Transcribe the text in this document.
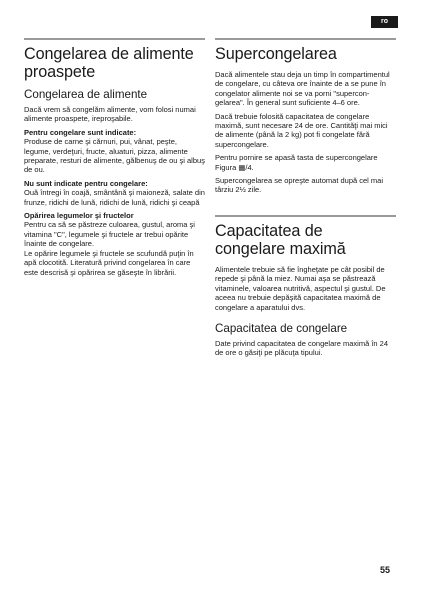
ro
Congelarea de alimente proaspete
Congelarea de alimente

Dacă vrem să congelăm alimente, vom folosi numai alimente proaspete, ireproşabile.

Pentru congelare sunt indicate:

Produse de carne şi cărnuri, pui, vânat, peşte, legume, verdeţuri, fructe, aluaturi, pizza, alimente preparate, resturi de alimente, gălbenuş de ou şi albuş de ou.

Nu sunt indicate pentru congelare:

Ouă întregi în coajă, smântână şi maioneză, salate din frunze, ridichi de lună, ridichi de lună, ridichi şi ceapă

Opărirea legumelor şi fructelor

Pentru ca să se păstreze culoarea, gustul, aroma şi vitamina "C", legumele şi fructele ar trebui opărite înainte de congelare.

Le opărire legumele şi fructele se scufundă puţin în apă clocotită. Literatură privind congelarea în care este descrisă şi opărirea se găseşte în librării.

Supercongelarea

Dacă alimentele stau deja un timp în compartimentul de congelare, cu câteva ore înainte de a se pune în congelator alimente noi se va porni "supercon-gelarea". În general sunt suficiente 4–6 ore.

Dacă trebuie folosită capacitatea de congelare maximă, sunt necesare 24 de ore. Cantităţi mai mici de alimente (până la 2 kg) pot fi congelate fără supercongelare.

Pentru pornire se apasă tasta de supercongelare Figura ▦/4.

Supercongelarea se opreşte automat după cel mai târziu 2½ zile.

Capacitatea de congelare maximă

Alimentele trebuie să fie îngheţate pe cât posibil de repede şi până la miez. Numai aşa se păstrează vitaminele, valoarea nutritivă, aspectul şi gustul. De aceea nu trebuie depăşită capacitatea maximă de congelare a aparatului dvs.

Capacitatea de congelare

Date privind capacitatea de congelare maximă în 24 de ore o găsiţi pe plăcuţa tipului.

55
